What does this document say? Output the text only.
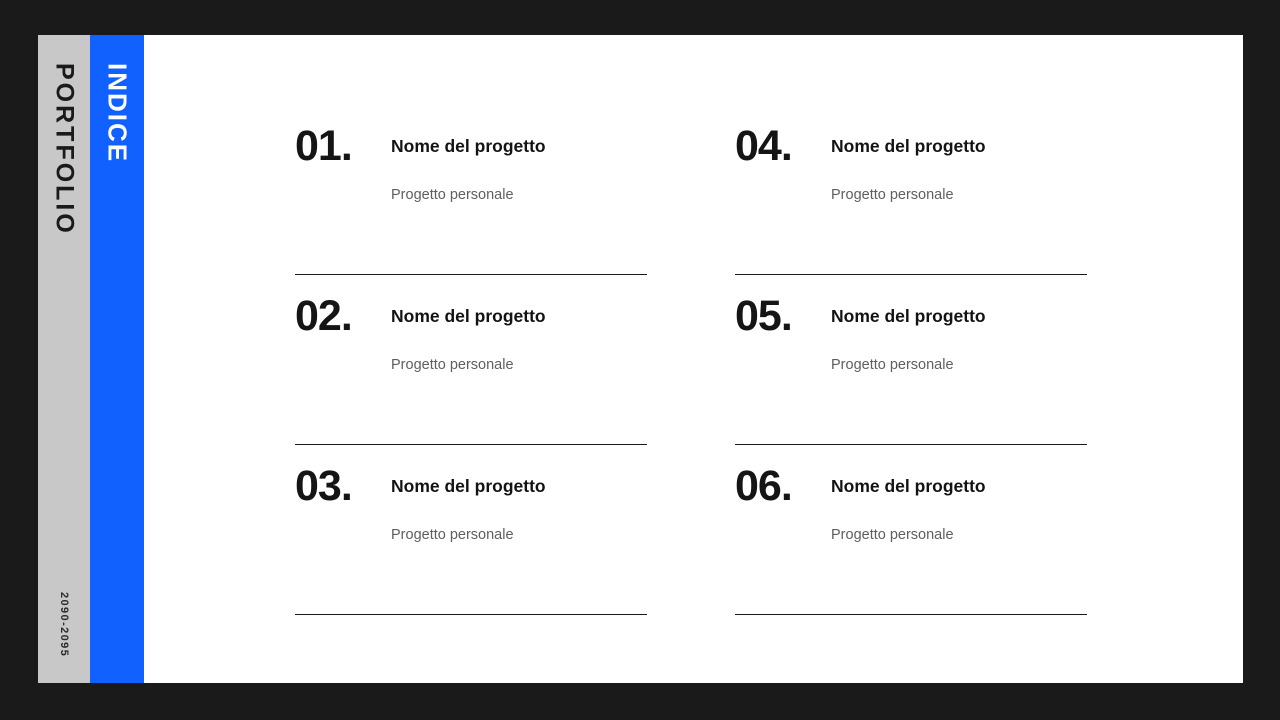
PORTFOLIO
2090-2095
INDICE	01. Nome del progetto

Progetto personale

02. Nome del progetto

Progetto personale

03. Nome del progetto

Progetto personale

04. Nome del progetto

Progetto personale

05. Nome del progetto

Progetto personale

06. Nome del progetto

Progetto personale
